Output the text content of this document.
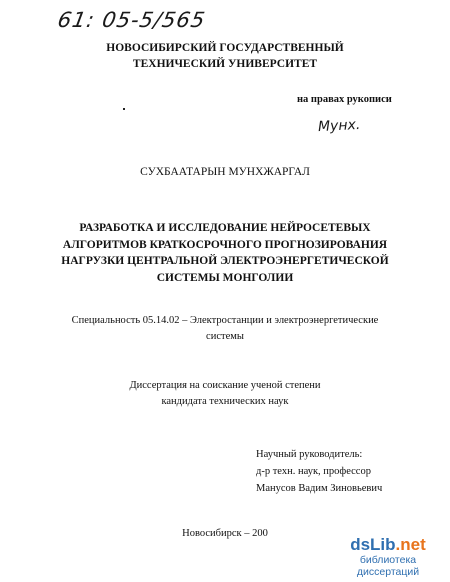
61: 05-5/565
НОВОСИБИРСКИЙ ГОСУДАРСТВЕННЫЙ
ТЕХНИЧЕСКИЙ УНИВЕРСИТЕТ
на правах рукописи
Мунх.
СУХБААТАРЫН МУНХЖАРГАЛ
РАЗРАБОТКА И ИССЛЕДОВАНИЕ НЕЙРОСЕТЕВЫХ
АЛГОРИТМОВ КРАТКОСРОЧНОГО ПРОГНОЗИРОВАНИЯ
НАГРУЗКИ ЦЕНТРАЛЬНОЙ ЭЛЕКТРОЭНЕРГЕТИЧЕСКОЙ
СИСТЕМЫ МОНГОЛИИ
Специальность 05.14.02 – Электростанции и электроэнергетические
системы
Диссертация на соискание ученой степени
кандидата технических наук
Научный руководитель:
д-р техн. наук, профессор
Манусов Вадим Зиновьевич
Новосибирск – 200
dsLib.net
библиотека диссертаций
